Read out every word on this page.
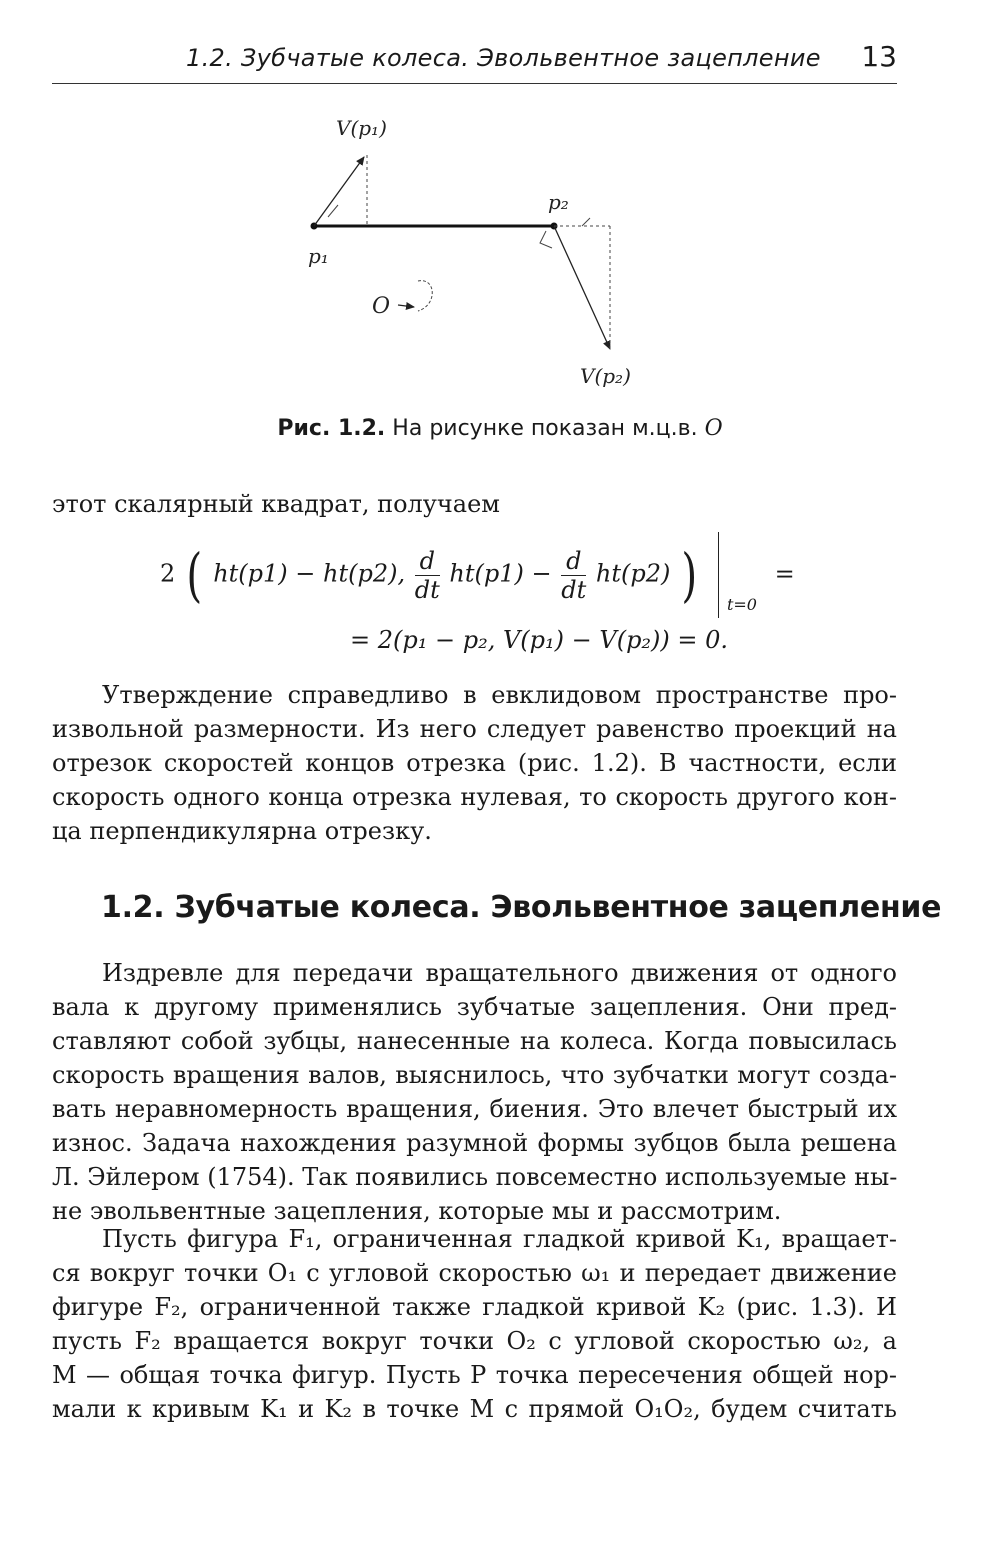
1.2. Зубчатые колеса. Эвольвентное зацепление 13
V(p₁)
p₂
p₁
O
V(p₂)
Рис. 1.2. На рисунке показан м.ц.в. O
этот скалярный квадрат, получаем
2 ( ht(p1) − ht(p2), $\frac{d}{dt} ht(p1) - \frac{d}{dt} ht(p2)$ ) $_{t=0}$ =
= 2(p₁ − p₂, V(p₁) − V(p₂)) = 0.
Утверждение справедливо в евклидовом пространстве про-
извольной размерности. Из него следует равенство проекций на
отрезок скоростей концов отрезка (рис. 1.2). В частности, если
скорость одного конца отрезка нулевая, то скорость другого кон-
ца перпендикулярна отрезку.
1.2. Зубчатые колеса. Эвольвентное зацепление
Издревле для передачи вращательного движения от одного
вала к другому применялись зубчатые зацепления. Они пред-
ставляют собой зубцы, нанесенные на колеса. Когда повысилась
скорость вращения валов, выяснилось, что зубчатки могут созда-
вать неравномерность вращения, биения. Это влечет быстрый их
износ. Задача нахождения разумной формы зубцов была решена
Л. Эйлером (1754). Так появились повсеместно используемые ны-
не эвольвентные зацепления, которые мы и рассмотрим.
Пусть фигура F₁, ограниченная гладкой кривой K₁, вращает-
ся вокруг точки O₁ с угловой скоростью ω₁ и передает движение
фигуре F₂, ограниченной также гладкой кривой K₂ (рис. 1.3). И
пусть F₂ вращается вокруг точки O₂ с угловой скоростью ω₂, а
M — общая точка фигур. Пусть P точка пересечения общей нор-
мали к кривым K₁ и K₂ в точке M с прямой O₁O₂, будем считать
